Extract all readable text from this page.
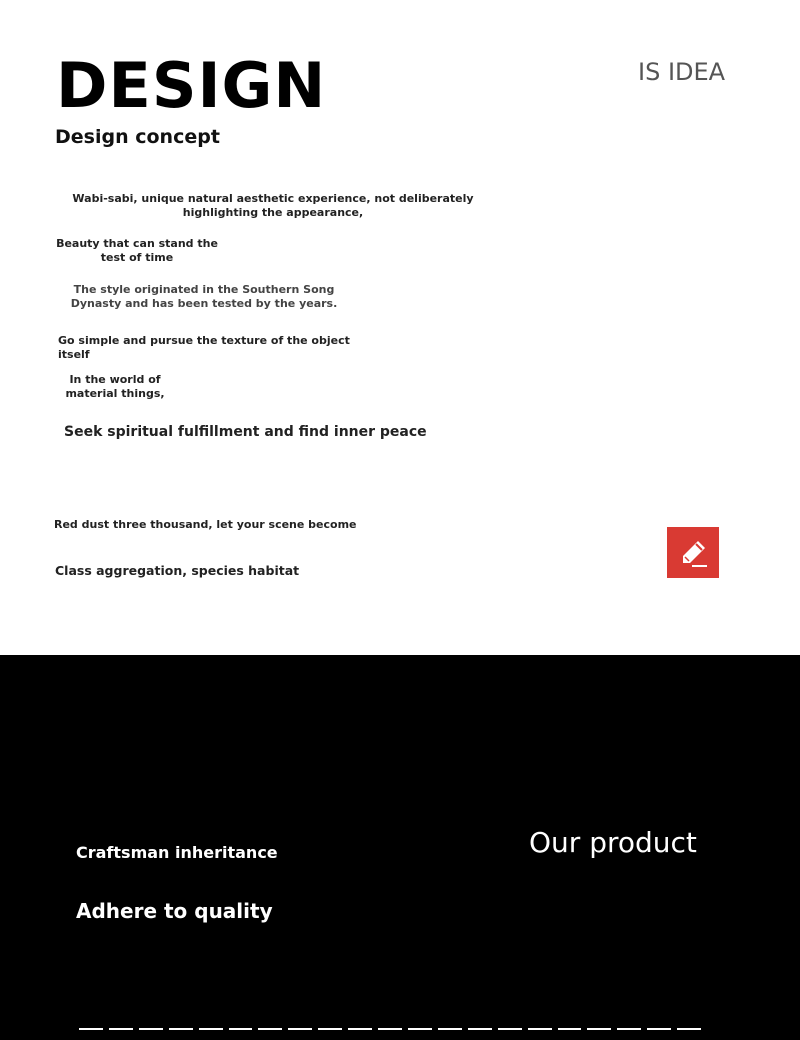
DESIGN	IS IDEA
Design concept
Wabi-sabi, unique natural aesthetic experience, not deliberately highlighting the appearance,
Beauty that can stand the test of time
The style originated in the Southern Song Dynasty and has been tested by the years.
Go simple and pursue the texture of the object itself
In the world of material things,
Seek spiritual fulfillment and find inner peace
Red dust three thousand, let your scene become
Class aggregation, species habitat
Craftsman inheritance
Adhere to quality
Our product
